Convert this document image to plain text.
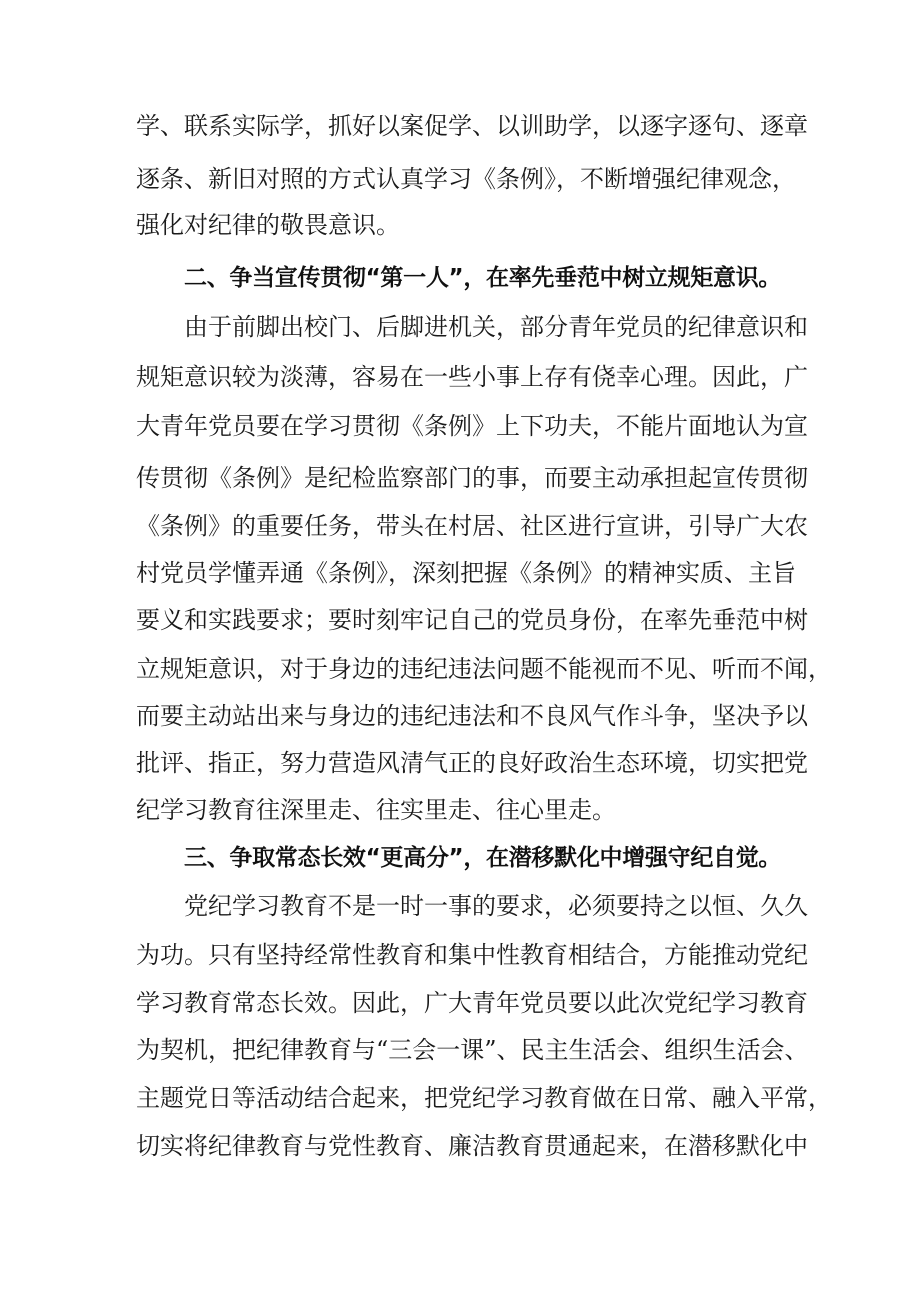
学、联系实际学，抓好以案促学、以训助学，以逐字逐句、逐章
逐条、新旧对照的方式认真学习《条例》，不断增强纪律观念，
强化对纪律的敬畏意识。
二、争当宣传贯彻“第一人”，在率先垂范中树立规矩意识。
由于前脚出校门、后脚进机关，部分青年党员的纪律意识和
规矩意识较为淡薄，容易在一些小事上存有侥幸心理。因此，广
大青年党员要在学习贯彻《条例》上下功夫，不能片面地认为宣
传贯彻《条例》是纪检监察部门的事，而要主动承担起宣传贯彻
《条例》的重要任务，带头在村居、社区进行宣讲，引导广大农
村党员学懂弄通《条例》，深刻把握《条例》的精神实质、主旨
要义和实践要求；要时刻牢记自己的党员身份，在率先垂范中树
立规矩意识，对于身边的违纪违法问题不能视而不见、听而不闻，
而要主动站出来与身边的违纪违法和不良风气作斗争，坚决予以
批评、指正，努力营造风清气正的良好政治生态环境，切实把党
纪学习教育往深里走、往实里走、往心里走。
三、争取常态长效“更高分”，在潜移默化中增强守纪自觉。
党纪学习教育不是一时一事的要求，必须要持之以恒、久久
为功。只有坚持经常性教育和集中性教育相结合，方能推动党纪
学习教育常态长效。因此，广大青年党员要以此次党纪学习教育
为契机，把纪律教育与“三会一课”、民主生活会、组织生活会、
主题党日等活动结合起来，把党纪学习教育做在日常、融入平常，
切实将纪律教育与党性教育、廉洁教育贯通起来，在潜移默化中
